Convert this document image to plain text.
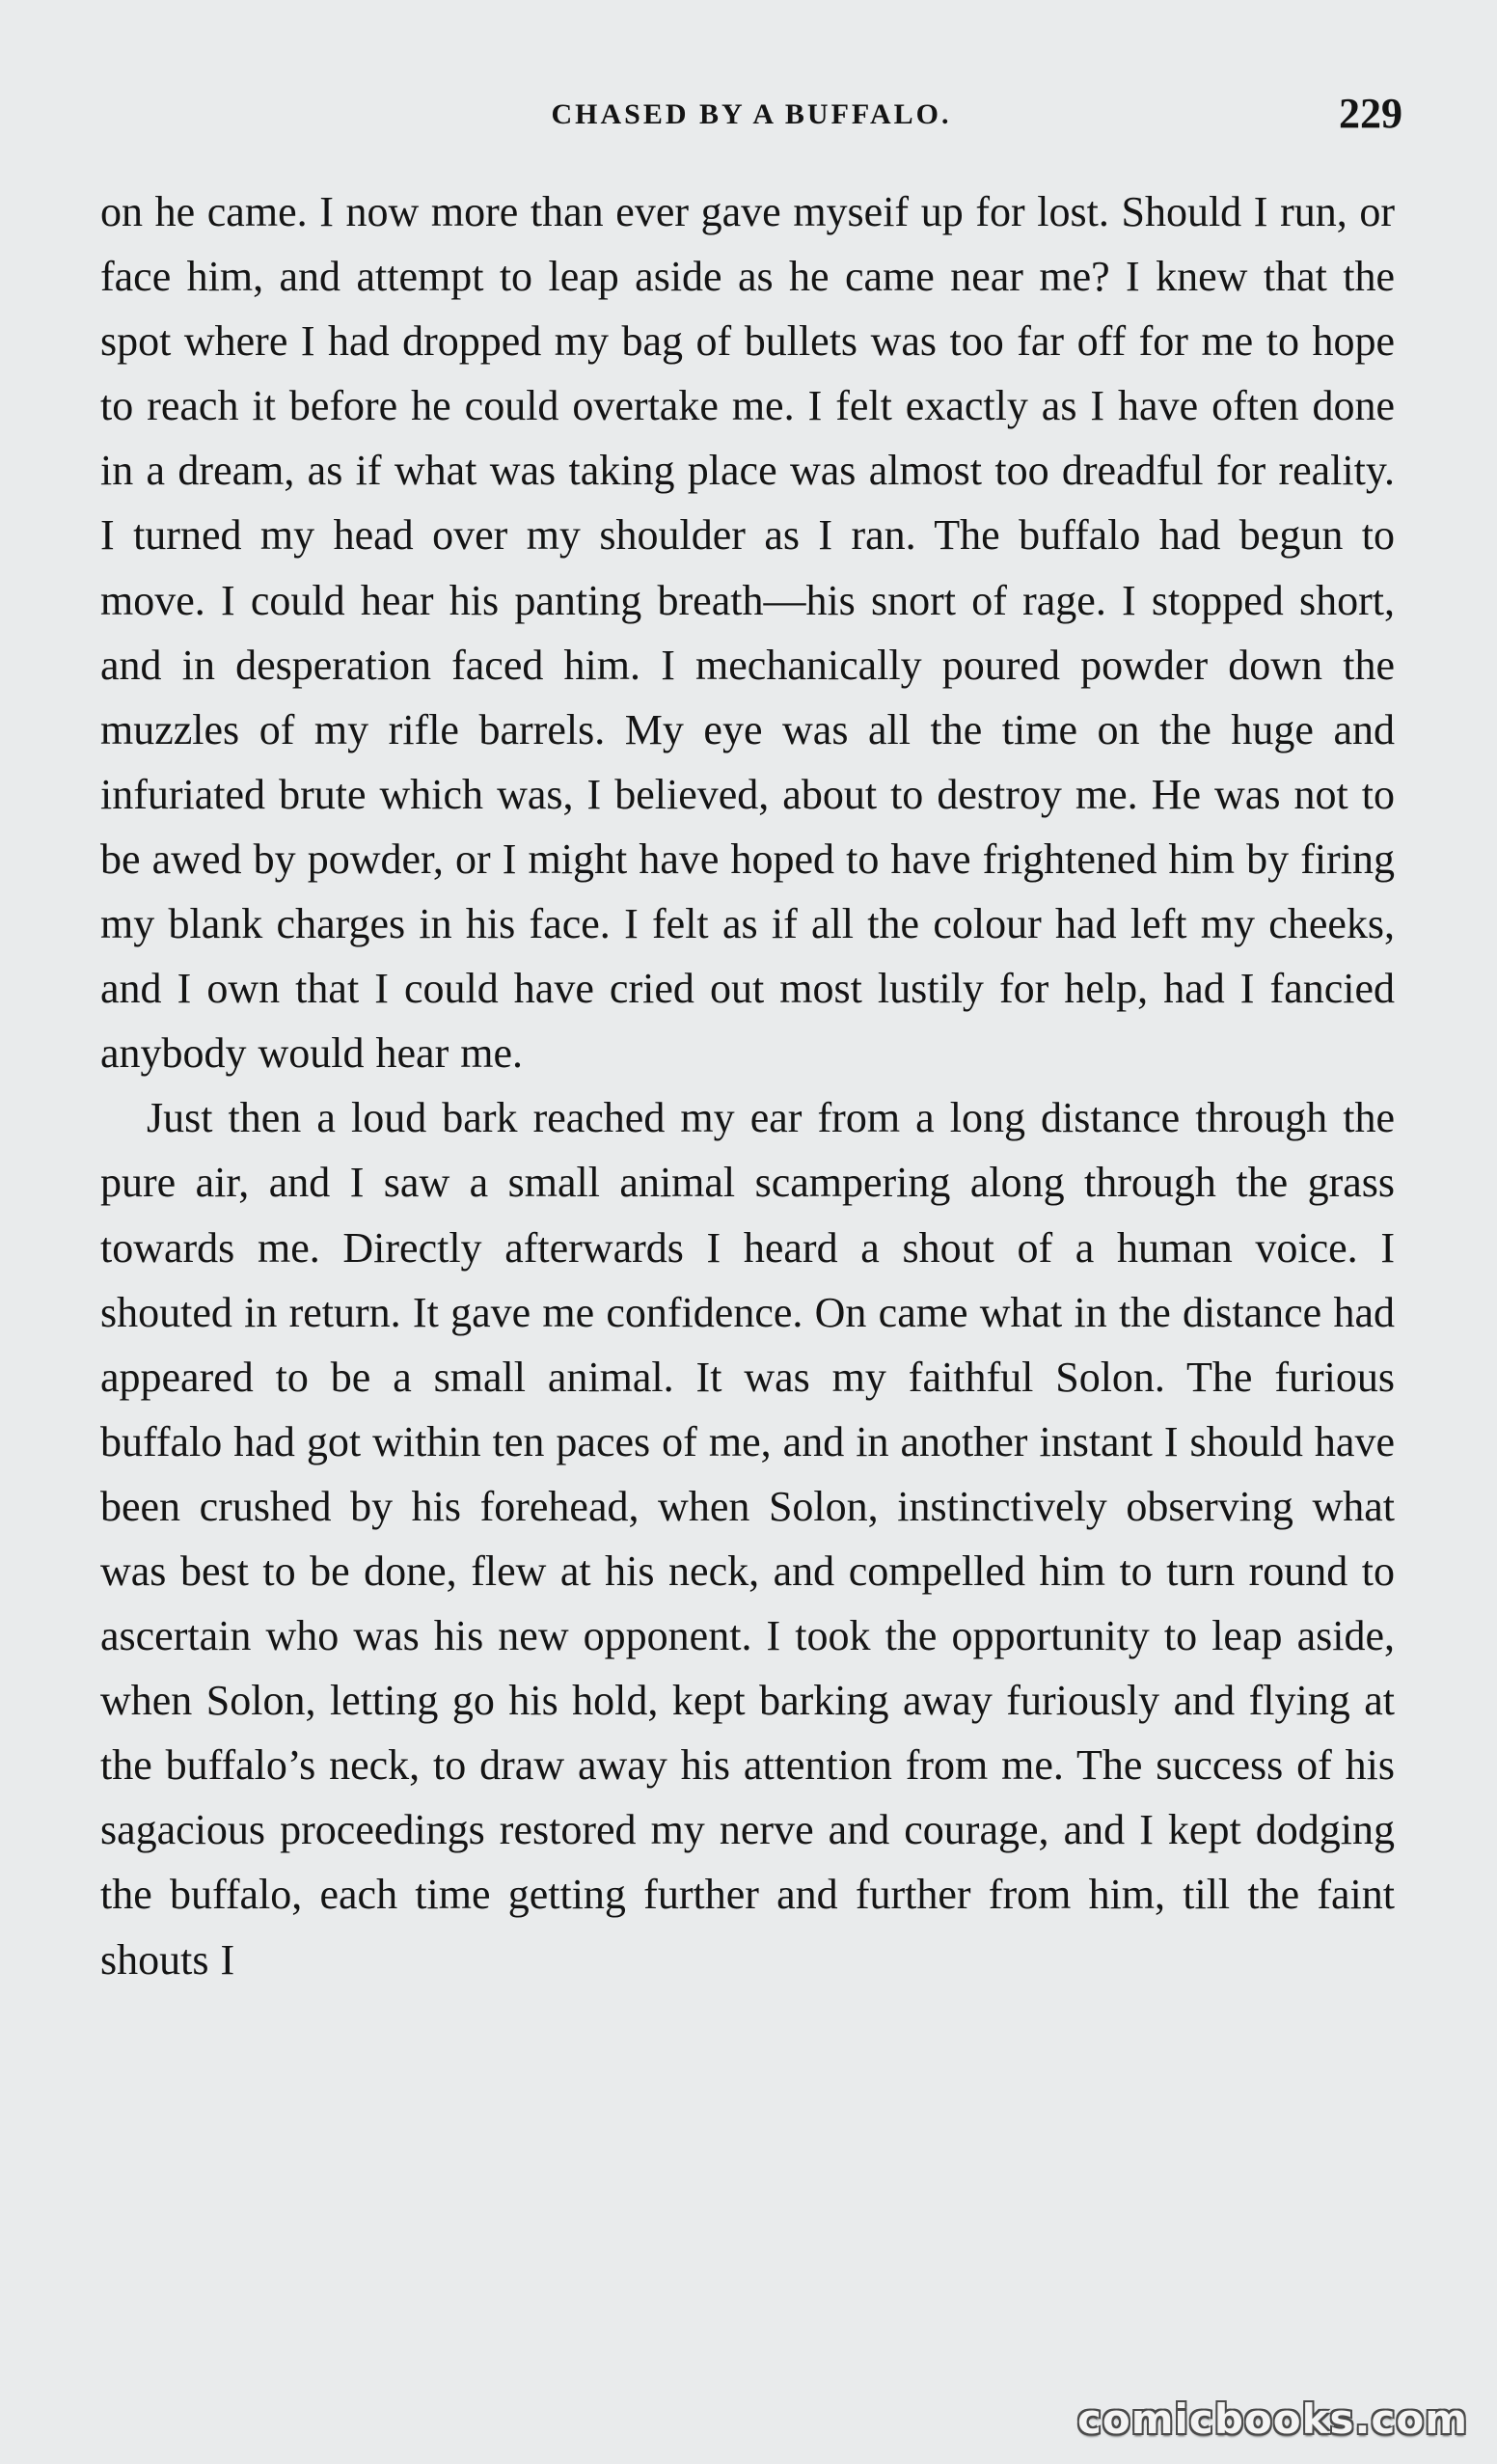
CHASED BY A BUFFALO.	229

on he came. I now more than ever gave myseif up for lost. Should I run, or face him, and attempt to leap aside as he came near me? I knew that the spot where I had dropped my bag of bullets was too far off for me to hope to reach it before he could overtake me. I felt exactly as I have often done in a dream, as if what was taking place was almost too dreadful for reality. I turned my head over my shoulder as I ran. The buffalo had begun to move. I could hear his panting breath—his snort of rage. I stopped short, and in desperation faced him. I mechanically poured powder down the muzzles of my rifle barrels. My eye was all the time on the huge and infuriated brute which was, I believed, about to destroy me. He was not to be awed by powder, or I might have hoped to have frightened him by firing my blank charges in his face. I felt as if all the colour had left my cheeks, and I own that I could have cried out most lustily for help, had I fancied anybody would hear me.

Just then a loud bark reached my ear from a long distance through the pure air, and I saw a small animal scampering along through the grass towards me. Directly afterwards I heard a shout of a human voice. I shouted in return. It gave me confidence. On came what in the distance had appeared to be a small animal. It was my faithful Solon. The furious buffalo had got within ten paces of me, and in another instant I should have been crushed by his forehead, when Solon, instinctively observing what was best to be done, flew at his neck, and compelled him to turn round to ascertain who was his new opponent. I took the opportunity to leap aside, when Solon, letting go his hold, kept barking away furiously and flying at the buffalo’s neck, to draw away his attention from me. The success of his sagacious proceedings restored my nerve and courage, and I kept dodging the buffalo, each time getting further and further from him, till the faint shouts I

comicbooks.com
